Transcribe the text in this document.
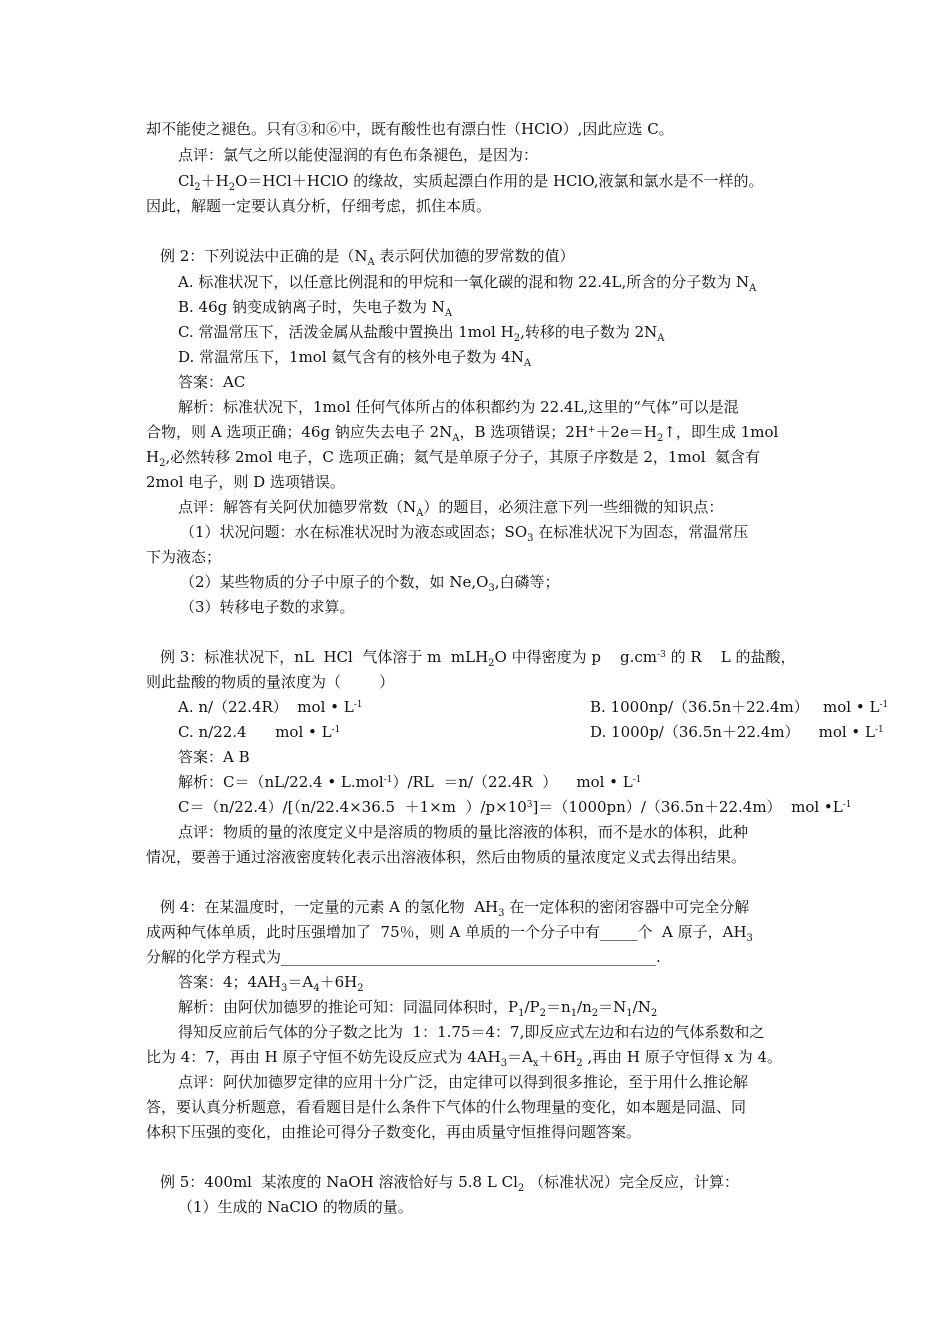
却不能使之褪色。只有③和⑥中，既有酸性也有漂白性（HClO）,因此应选 C。
点评：氯气之所以能使湿润的有色布条褪色，是因为：
$Cl_2+H_2O=HCl+HClO$ 的缘故，实质起漂白作用的是 HClO,液氯和氯水是不一样的。
因此，解题一定要认真分析，仔细考虑，抓住本质。
例 2：下列说法中正确的是（$N_A$ 表示阿伏加德的罗常数的值）
A. 标准状况下，以任意比例混和的甲烷和一氧化碳的混和物 22.4L,所含的分子数为 $N_A$
B. 46g 钠变成钠离子时，失电子数为 $N_A$
C. 常温常压下，活泼金属从盐酸中置换出 1mol $H_2$,转移的电子数为 $2N_A$
D. 常温常压下，1mol 氦气含有的核外电子数为 $4N_A$
答案：AC
解析：标准状况下，1mol 任何气体所占的体积都约为 22.4L,这里的“气体”可以是混
合物，则 A 选项正确；46g 钠应失去电子 $2N_A$，B 选项错误；$2H^++2e=H_2↑$，即生成 1mol
$H_2$,必然转移 2mol 电子，C 选项正确；氦气是单原子分子，其原子序数是 2，1mol  氦含有
2mol 电子，则 D 选项错误。
点评：解答有关阿伏加德罗常数$(N_A)$的题目，必须注意下列一些细微的知识点：
（1）状况问题：水在标准状况时为液态或固态；$SO_3$ 在标准状况下为固态，常温常压
下为液态；
（2）某些物质的分子中原子的个数，如 $Ne,O_3$,白磷等；
（3）转移电子数的求算。
例 3：标准状况下，nL  HCl  气体溶于 m  mLH$_2$O 中得密度为 p    $g.cm^{-3}$ 的 R    L 的盐酸，
则此盐酸的物质的量浓度为（        ）
A. n/（22.4R）  mol • $L^{-1}$	B. 1000np/（36.5n＋22.4m）   mol • $L^{-1}$
C. n/22.4      mol • $L^{-1}$	D. 1000p/（36.5n＋22.4m）    mol • $L^{-1}$
答案：A B
解析：C＝（nL/22.4 • L.mol$^{-1}$）/RL  ＝n/（22.4R  ）    mol • $L^{-1}$
C＝（n/22.4）/[（n/22.4×36.5  ＋1×m  ）$/p\times 10^3]=(1000pn)/(36.5n+22.4m)$  mol $•L^{-1}$
点评：物质的量的浓度定义中是溶质的物质的量比溶液的体积，而不是水的体积，此种
情况，要善于通过溶液密度转化表示出溶液体积，然后由物质的量浓度定义式去得出结果。
例 4：在某温度时，一定量的元素 A 的氢化物  $AH_3$ 在一定体积的密闭容器中可完全分解
成两种气体单质，此时压强增加了  75％，则 A 单质的一个分子中有_____个  A 原子，$AH_3$
分解的化学方程式为__________________________________________________.
答案：4；$4AH_3=A_4+6H_2$
解析：由阿伏加德罗的推论可知：同温同体积时，$P_1/P_2=n_1/n_2=N_1/N_2$
得知反应前后气体的分子数之比为  1：1.75＝4：7,即反应式左边和右边的气体系数和之
比为 4：7，再由 H 原子守恒不妨先设反应式为 $4AH_3=A_x+6H_2$ ,再由 H 原子守恒得 x 为 4。
点评：阿伏加德罗定律的应用十分广泛，由定律可以得到很多推论，至于用什么推论解
答，要认真分析题意，看看题目是什么条件下气体的什么物理量的变化，如本题是同温、同
体积下压强的变化，由推论可得分子数变化，再由质量守恒推得问题答案。
例 5：400ml  某浓度的 NaOH 溶液恰好与 5.8 L $Cl_2$ （标准状况）完全反应，计算：
（1）生成的 NaClO 的物质的量。
